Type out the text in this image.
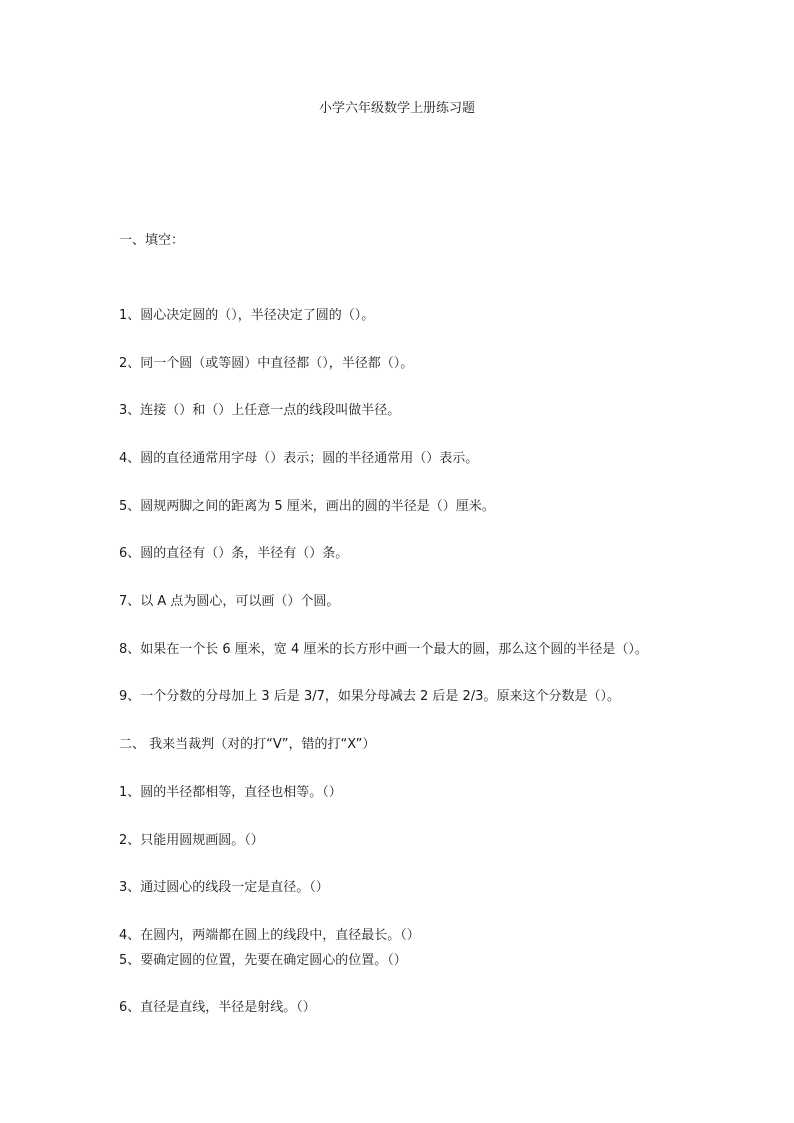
小学六年级数学上册练习题
一、填空：
1、圆心决定圆的（），半径决定了圆的（）。
2、同一个圆（或等圆）中直径都（），半径都（）。
3、连接（）和（）上任意一点的线段叫做半径。
4、圆的直径通常用字母（）表示；圆的半径通常用（）表示。
5、圆规两脚之间的距离为 5 厘米，画出的圆的半径是（）厘米。
6、圆的直径有（）条，半径有（）条。
7、以 A 点为圆心，可以画（）个圆。
8、如果在一个长 6 厘米，宽 4 厘米的长方形中画一个最大的圆，那么这个圆的半径是（）。
9、一个分数的分母加上 3 后是 3/7，如果分母减去 2 后是 2/3。原来这个分数是（）。
二、 我来当裁判（对的打“V”，错的打“X”）
1、圆的半径都相等，直径也相等。（）
2、只能用圆规画圆。（）
3、通过圆心的线段一定是直径。（）
4、在圆内，两端都在圆上的线段中，直径最长。（）
5、要确定圆的位置，先要在确定圆心的位置。（）
6、直径是直线，半径是射线。（）
